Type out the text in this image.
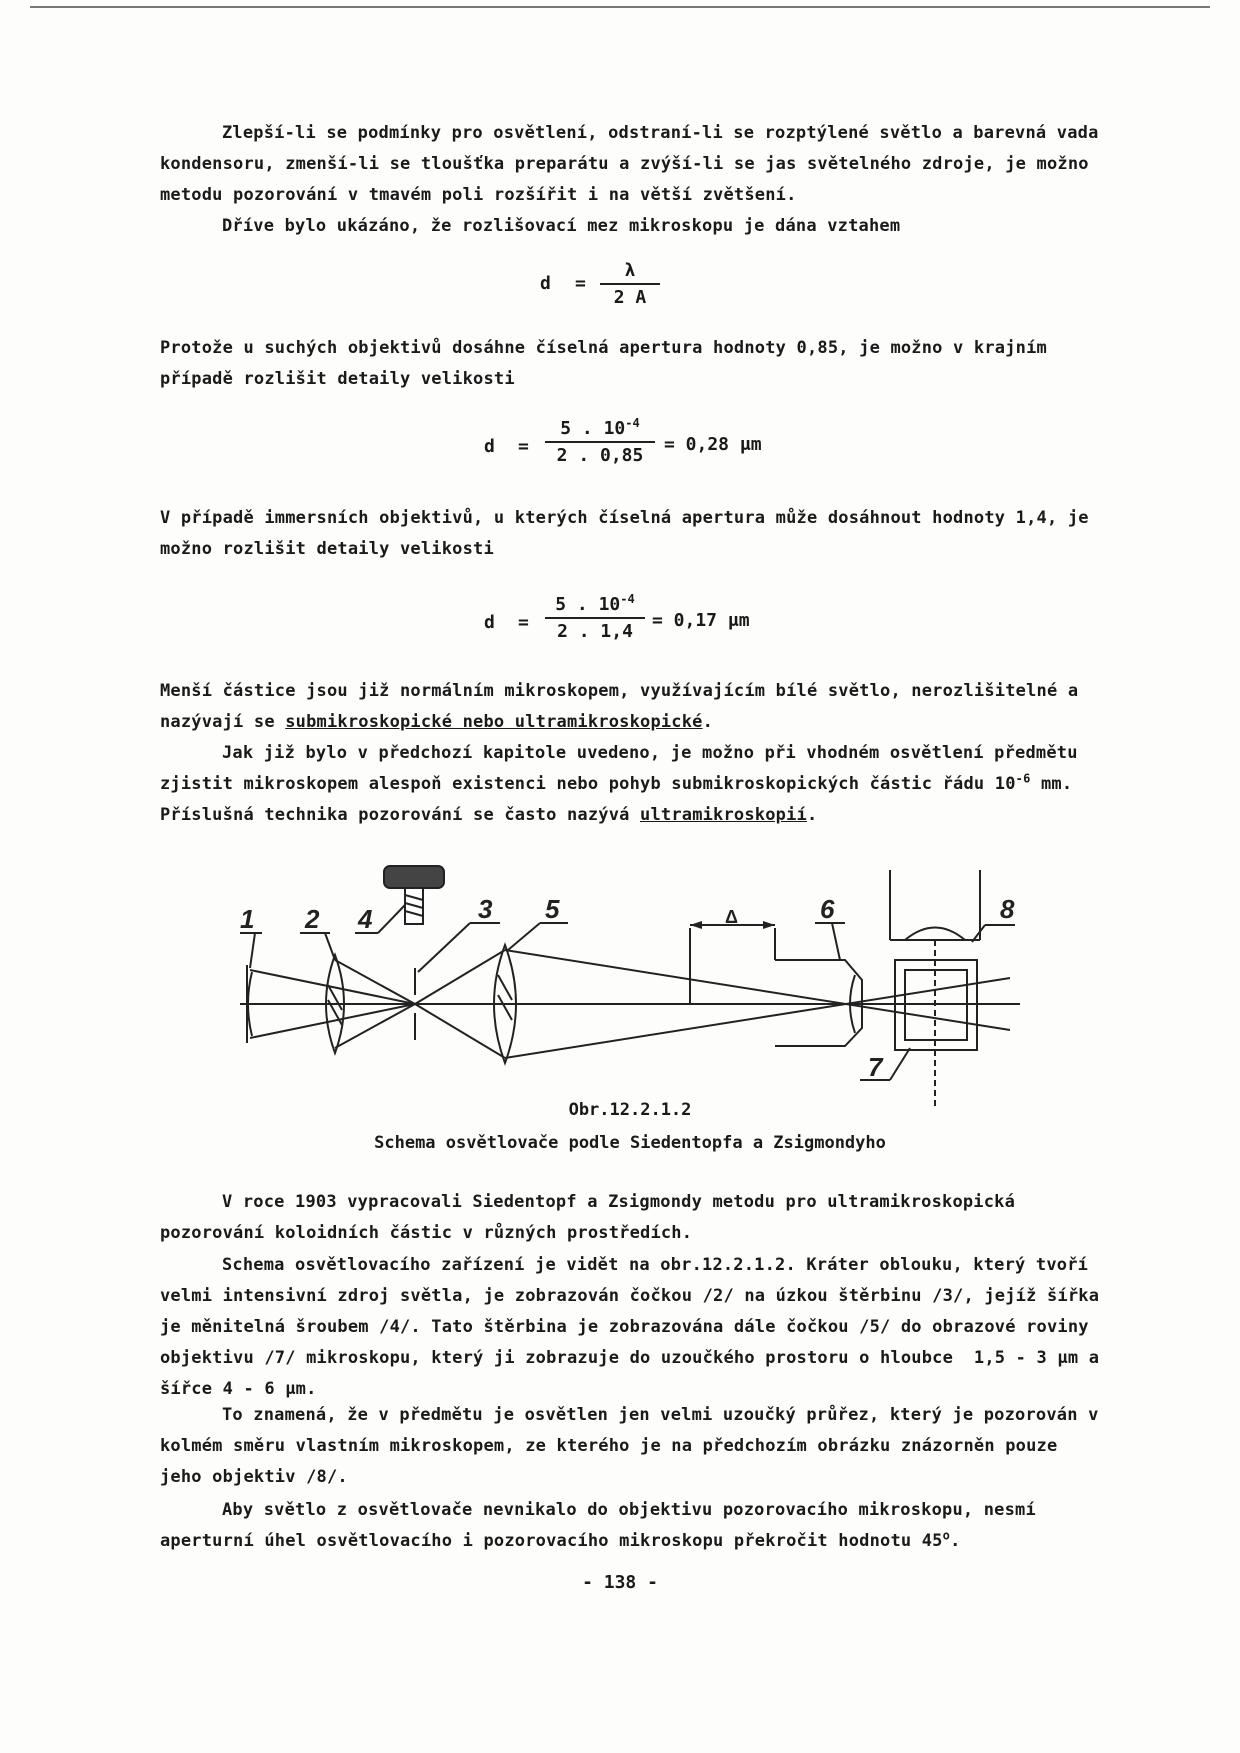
Zlepší-li se podmínky pro osvětlení, odstraní-li se rozptýlené světlo a barevná vada kondensoru, zmenší-li se tloušťka preparátu a zvýší-li se jas světelného zdroje, je možno metodu pozorování v tmavém poli rozšířit i na větší zvětšení.
Dříve bylo ukázáno, že rozlišovací mez mikroskopu je dána vztahem
$d = \frac{\lambda}{2 A}$
Protože u suchých objektivů dosáhne číselná apertura hodnoty 0,85, je možno v krajním případě rozlišit detaily velikosti
$d = \frac{5 . 10^{-4}}{2 . 0,85} = 0,28$ μm
V případě immersních objektivů, u kterých číselná apertura může dosáhnout hodnoty 1,4, je možno rozlišit detaily velikosti
$d = \frac{5 . 10^{-4}}{2 . 1,4} = 0,17$ μm
Menší částice jsou již normálním mikroskopem, využívajícím bílé světlo, nerozlišitelné a nazývají se submikroskopické nebo ultramikroskopické.
Jak již bylo v předchozí kapitole uvedeno, je možno při vhodném osvětlení předmětu zjistit mikroskopem alespoň existenci nebo pohyb submikroskopických částic řádu $10^{-6}$ mm. Příslušná technika pozorování se často nazývá ultramikroskopií.
1 2 4	3 5	6	8
7
Δ
Obr.12.2.1.2
Schema osvětlovače podle Siedentopfa a Zsigmondyho
V roce 1903 vypracovali Siedentopf a Zsigmondy metodu pro ultramikroskopická pozorování koloidních částic v různých prostředích.
Schema osvětlovacího zařízení je vidět na obr.12.2.1.2. Kráter oblouku, který tvoří velmi intensivní zdroj světla, je zobrazován čočkou /2/ na úzkou štěrbinu /3/, jejíž šířka je měnitelná šroubem /4/. Tato štěrbina je zobrazována dále čočkou /5/ do obrazové roviny objektivu /7/ mikroskopu, který ji zobrazuje do uzoučkého prostoru o hloubce  1,5 - 3 μm a šířce 4 - 6 μm.
To znamená, že v předmětu je osvětlen jen velmi uzoučký průřez, který je pozorován v kolmém směru vlastním mikroskopem, ze kterého je na předchozím obrázku znázorněn pouze jeho objektiv /8/.
Aby světlo z osvětlovače nevnikalo do objektivu pozorovacího mikroskopu, nesmí aperturní úhel osvětlovacího i pozorovacího mikroskopu překročit hodnotu 45$^o$.
- 138 -
